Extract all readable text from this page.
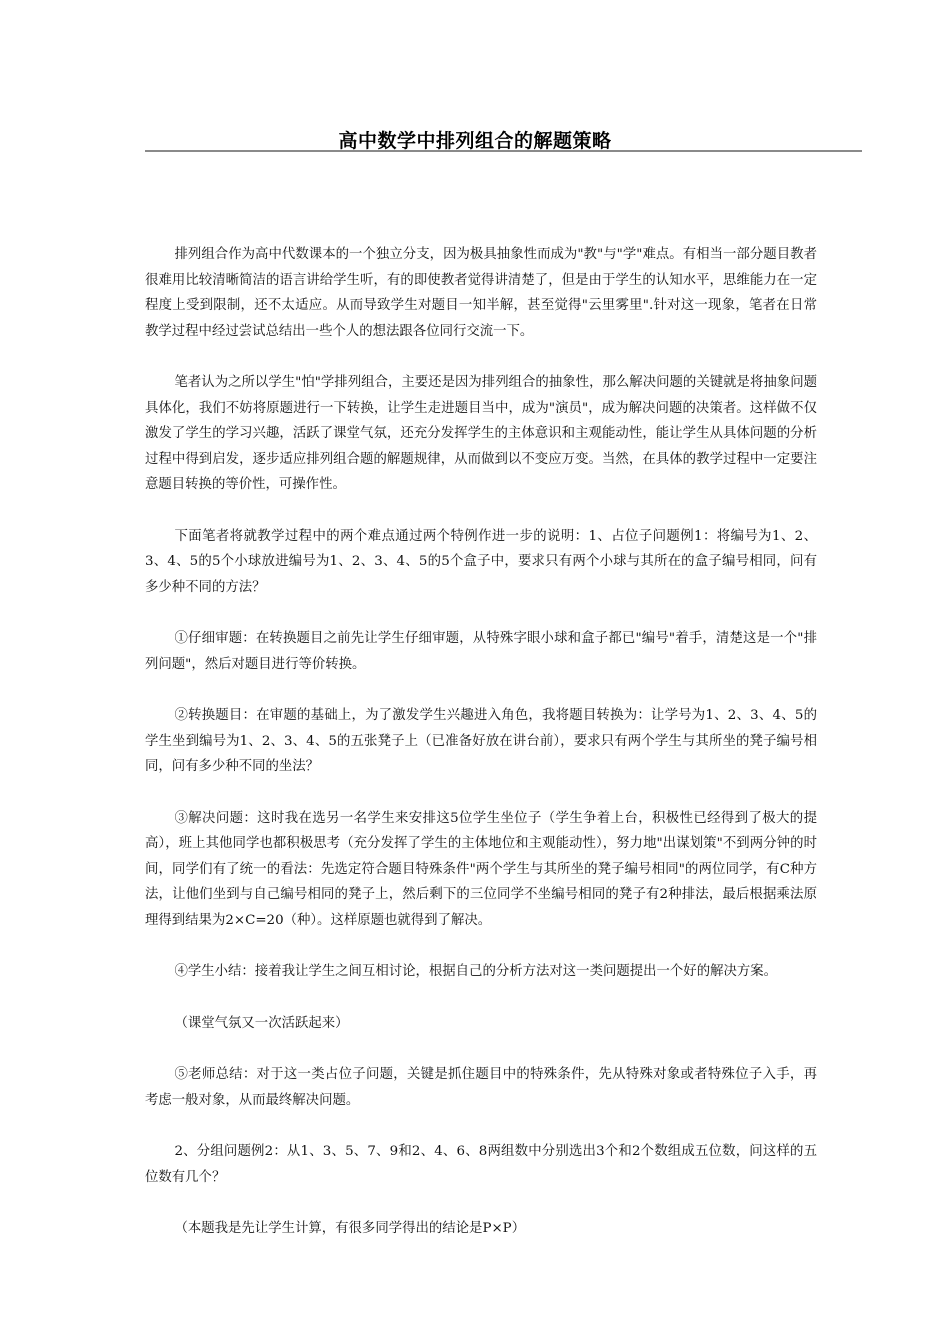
高中数学中排列组合的解题策略

排列组合作为高中代数课本的一个独立分支，因为极具抽象性而成为"教"与"学"难点。有相当一部分题目教者很难用比较清晰简洁的语言讲给学生听，有的即使教者觉得讲清楚了，但是由于学生的认知水平，思维能力在一定程度上受到限制，还不太适应。从而导致学生对题目一知半解，甚至觉得"云里雾里".针对这一现象，笔者在日常教学过程中经过尝试总结出一些个人的想法跟各位同行交流一下。

笔者认为之所以学生"怕"学排列组合，主要还是因为排列组合的抽象性，那么解决问题的关键就是将抽象问题具体化，我们不妨将原题进行一下转换，让学生走进题目当中，成为"演员"，成为解决问题的决策者。这样做不仅激发了学生的学习兴趣，活跃了课堂气氛，还充分发挥学生的主体意识和主观能动性，能让学生从具体问题的分析过程中得到启发，逐步适应排列组合题的解题规律，从而做到以不变应万变。当然，在具体的教学过程中一定要注意题目转换的等价性，可操作性。

下面笔者将就教学过程中的两个难点通过两个特例作进一步的说明：1、占位子问题例1：将编号为1、2、3、4、5的5个小球放进编号为1、2、3、4、5的5个盒子中，要求只有两个小球与其所在的盒子编号相同，问有多少种不同的方法？

①仔细审题：在转换题目之前先让学生仔细审题，从特殊字眼小球和盒子都已"编号"着手，清楚这是一个"排列问题"，然后对题目进行等价转换。

②转换题目：在审题的基础上，为了激发学生兴趣进入角色，我将题目转换为：让学号为1、2、3、4、5的学生坐到编号为1、2、3、4、5的五张凳子上（已准备好放在讲台前），要求只有两个学生与其所坐的凳子编号相同，问有多少种不同的坐法？

③解决问题：这时我在选另一名学生来安排这5位学生坐位子（学生争着上台，积极性已经得到了极大的提高），班上其他同学也都积极思考（充分发挥了学生的主体地位和主观能动性），努力地"出谋划策"不到两分钟的时间，同学们有了统一的看法：先选定符合题目特殊条件"两个学生与其所坐的凳子编号相同"的两位同学，有C种方法，让他们坐到与自己编号相同的凳子上，然后剩下的三位同学不坐编号相同的凳子有2种排法，最后根据乘法原理得到结果为2×C=20（种）。这样原题也就得到了解决。

④学生小结：接着我让学生之间互相讨论，根据自己的分析方法对这一类问题提出一个好的解决方案。

（课堂气氛又一次活跃起来）

⑤老师总结：对于这一类占位子问题，关键是抓住题目中的特殊条件，先从特殊对象或者特殊位子入手，再考虑一般对象，从而最终解决问题。

2、分组问题例2：从1、3、5、7、9和2、4、6、8两组数中分别选出3个和2个数组成五位数，问这样的五位数有几个？

（本题我是先让学生计算，有很多同学得出的结论是P×P）
